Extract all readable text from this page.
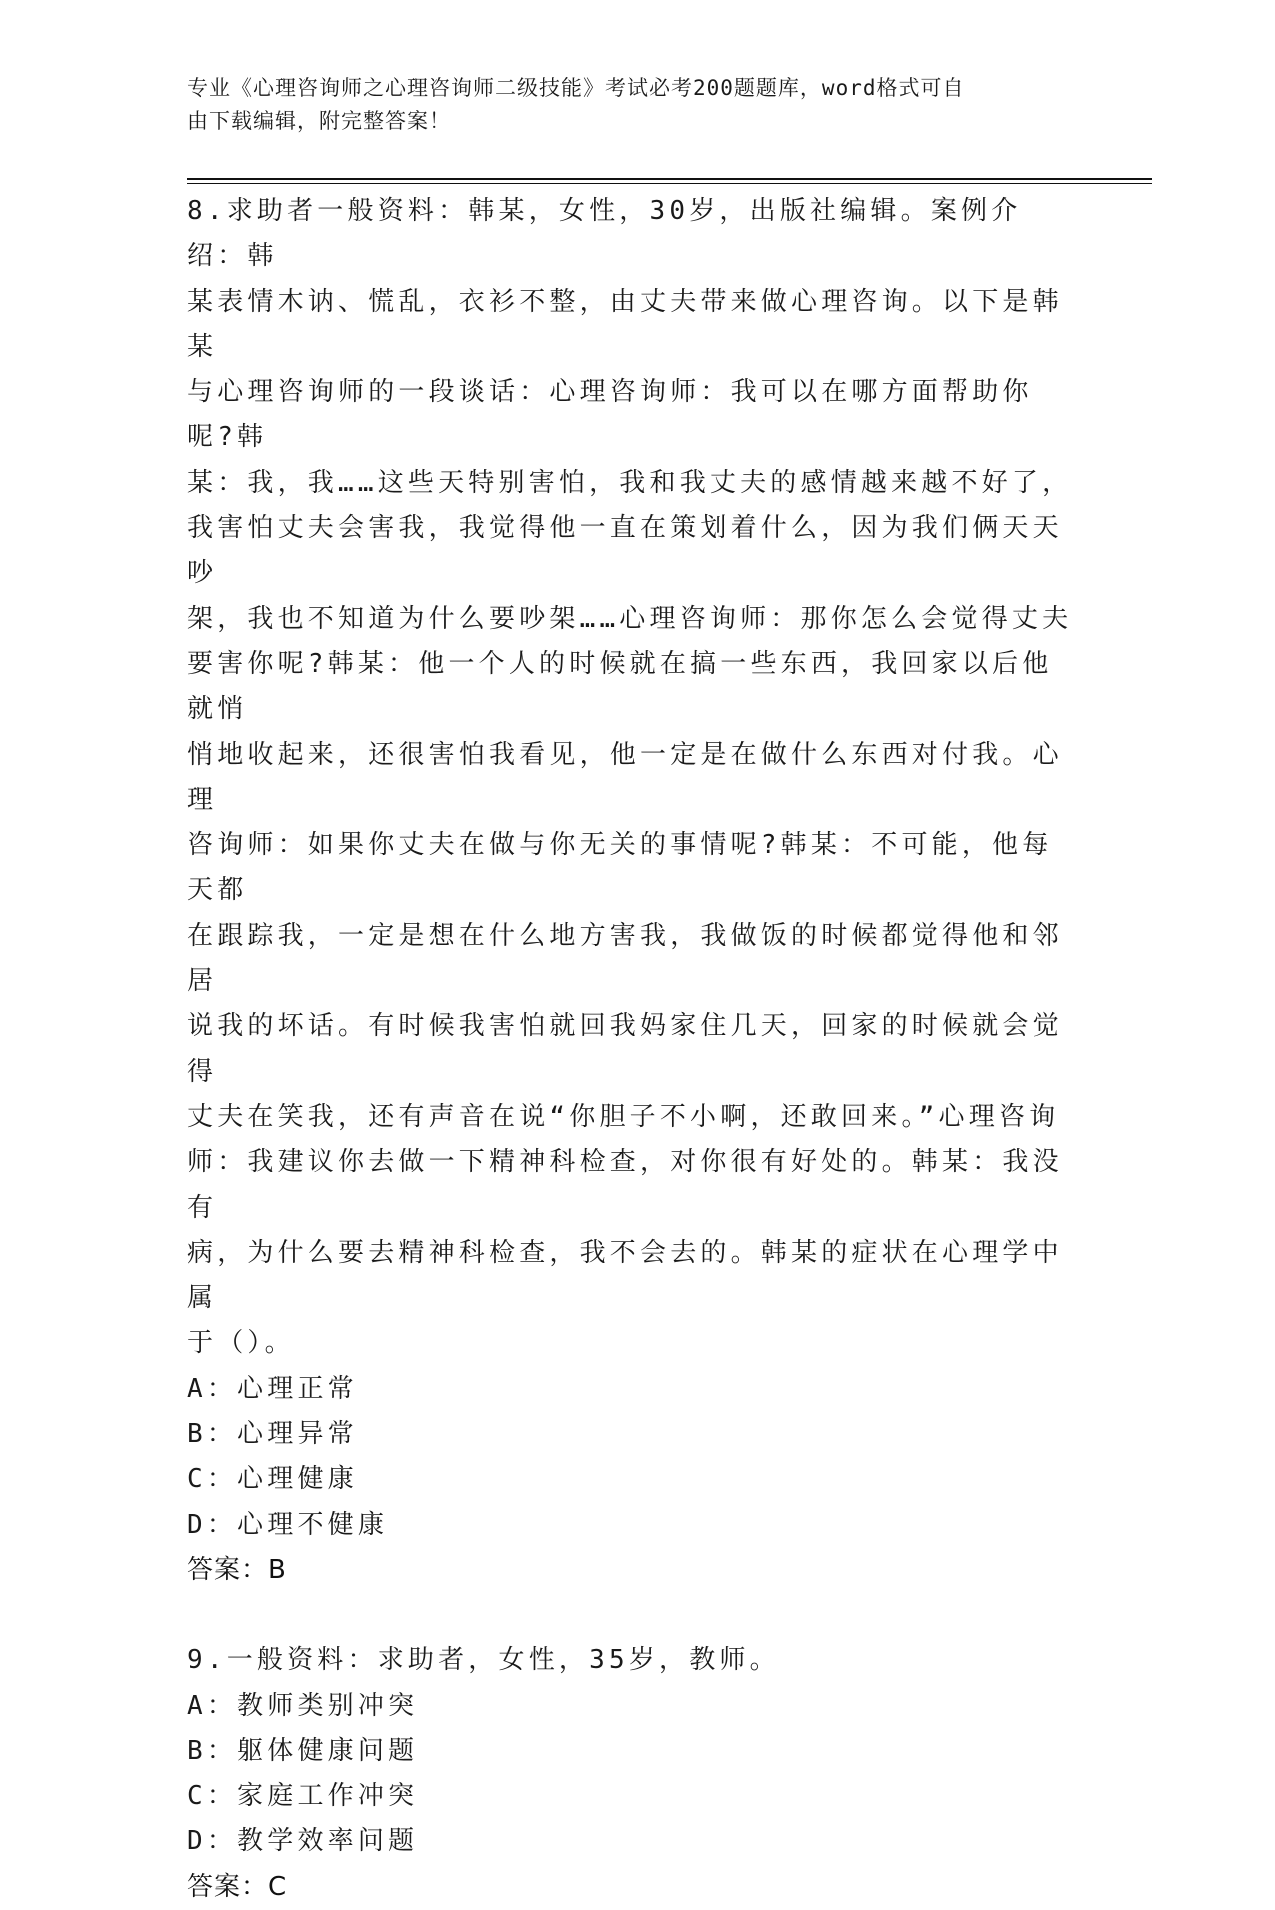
专业《心理咨询师之心理咨询师二级技能》考试必考200题题库，word格式可自
由下载编辑，附完整答案！
8.求助者一般资料：韩某，女性，30岁，出版社编辑。案例介绍：韩
某表情木讷、慌乱，衣衫不整，由丈夫带来做心理咨询。以下是韩某
与心理咨询师的一段谈话：心理咨询师：我可以在哪方面帮助你呢?韩
某：我，我……这些天特别害怕，我和我丈夫的感情越来越不好了，
我害怕丈夫会害我，我觉得他一直在策划着什么，因为我们俩天天吵
架，我也不知道为什么要吵架……心理咨询师：那你怎么会觉得丈夫
要害你呢?韩某：他一个人的时候就在搞一些东西，我回家以后他就悄
悄地收起来，还很害怕我看见，他一定是在做什么东西对付我。心理
咨询师：如果你丈夫在做与你无关的事情呢?韩某：不可能，他每天都
在跟踪我，一定是想在什么地方害我，我做饭的时候都觉得他和邻居
说我的坏话。有时候我害怕就回我妈家住几天，回家的时候就会觉得
丈夫在笑我，还有声音在说“你胆子不小啊，还敢回来。”心理咨询
师：我建议你去做一下精神科检查，对你很有好处的。韩某：我没有
病，为什么要去精神科检查，我不会去的。韩某的症状在心理学中属
于（）。
A：心理正常
B：心理异常
C：心理健康
D：心理不健康
答案：B
9.一般资料：求助者，女性，35岁，教师。
A：教师类别冲突
B：躯体健康问题
C：家庭工作冲突
D：教学效率问题
答案：C
